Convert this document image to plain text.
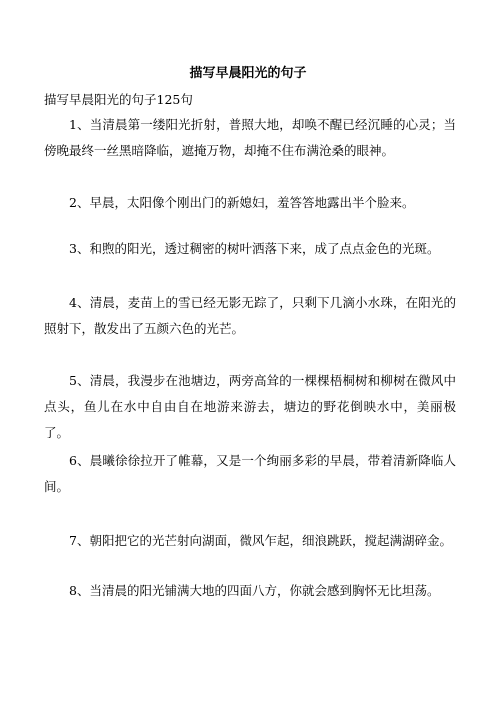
描写早晨阳光的句子
描写早晨阳光的句子125句

1、当清晨第一缕阳光折射，普照大地，却唤不醒已经沉睡的心灵；当傍晚最终一丝黑暗降临，遮掩万物，却掩不住布满沧桑的眼神。

2、早晨，太阳像个刚出门的新媳妇，羞答答地露出半个脸来。

3、和煦的阳光，透过稠密的树叶洒落下来，成了点点金色的光斑。

4、清晨，麦苗上的雪已经无影无踪了，只剩下几滴小水珠，在阳光的照射下，散发出了五颜六色的光芒。

5、清晨，我漫步在池塘边，两旁高耸的一棵棵梧桐树和柳树在微风中点头，鱼儿在水中自由自在地游来游去，塘边的野花倒映水中，美丽极了。

6、晨曦徐徐拉开了帷幕，又是一个绚丽多彩的早晨，带着清新降临人间。

7、朝阳把它的光芒射向湖面，微风乍起，细浪跳跃，搅起满湖碎金。

8、当清晨的阳光铺满大地的四面八方，你就会感到胸怀无比坦荡。
